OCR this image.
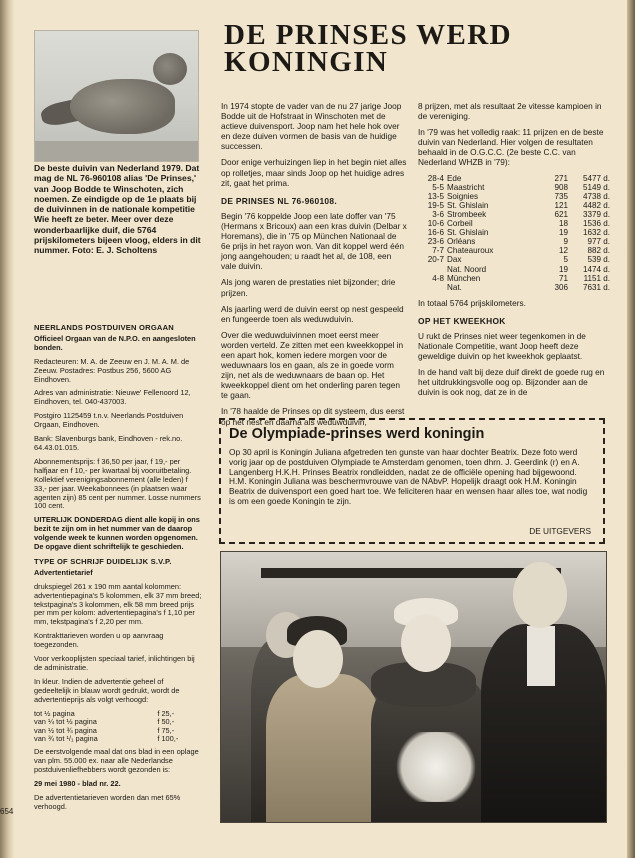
De beste duivin van Nederland 1979. Dat mag de NL 76-960108 alias 'De Prinses,' van Joop Bodde te Winschoten, zich noemen. Ze eindigde op de 1e plaats bij de duivinnen in de nationale kompetitie Wie heeft ze beter. Meer over deze wonderbaarlijke duif, die 5764 prijskilometers bijeen vloog, elders in dit nummer. Foto: E. J. Scholtens

NEERLANDS POSTDUIVEN ORGAAN

Officieel Orgaan van de N.P.O. en aangesloten bonden.

Redacteuren: M. A. de Zeeuw en J. M. A. M. de Zeeuw. Postadres: Postbus 256, 5600 AG Eindhoven.

Adres van administratie: Nieuwe' Fellenoord 12, Eindhoven, tel. 040-437003.

Postgiro 1125459 t.n.v. Neerlands Postduiven Orgaan, Eindhoven.

Bank: Slavenburgs bank, Eindhoven - rek.no. 64.43.01.015.

Abonnementsprijs: f 36,50 per jaar, f 19,- per halfjaar en f 10,- per kwartaal bij vooruitbetaling. Kollektief verenigingsabonnement (alle leden) f 33,- per jaar. Weekabonnees (in plaatsen waar agenten zijn) 85 cent per nummer. Losse nummers 100 cent.

UITERLIJK DONDERDAG dient alle kopij in ons bezit te zijn om in het nummer van de daarop volgende week te kunnen worden opgenomen. De opgave dient schriftelijk te geschieden.

TYPE OF SCHRIJF DUIDELIJK S.V.P.

Advertentietarief

drukspiegel 261 x 190 mm aantal kolommen: advertentiepagina's 5 kolommen, elk 37 mm breed; tekstpagina's 3 kolommen, elk 58 mm breed prijs per mm per kolom: advertentiepagina's f 1,10 per mm, tekstpagina's f 2,20 per mm.

Kontrakttarieven worden u op aanvraag toegezonden.

Voor verkooplijsten speciaal tarief, inlichtingen bij de administratie.

In kleur. Indien de advertentie geheel of gedeeltelijk in blauw wordt gedrukt, wordt de advertentieprijs als volgt verhoogd:

tot ½ pagina	f 25,-
van ¼ tot ½ pagina	f 50,-
van ½ tot ¾ pagina	f 75,-
van ¾ tot ¹/₁ pagina	f 100,-

De eerstvolgende maal dat ons blad in een oplage van plm. 55.000 ex. naar alle Nederlandse postduivenliefhebbers wordt gezonden is:

29 mei 1980 - blad nr. 22.

De advertentietarieven worden dan met 65% verhoogd.

654
DE PRINSES WERD
KONINGIN

In 1974 stopte de vader van de nu 27 jarige Joop Bodde uit de Hofstraat in Winschoten met de actieve duivensport. Joop nam het hele hok over en deze duiven vormen de basis van de huidige successen.

Door enige verhuizingen liep in het begin niet alles op rolletjes, maar sinds Joop op het huidige adres zit, gaat het prima.

DE PRINSES NL 76-960108.

Begin '76 koppelde Joop een late doffer van '75 (Hermans x Bricoux) aan een kras duivin (Delbar x Horemans), die in '75 op München Nationaal de 6e prijs in het rayon won. Van dit koppel werd één jong aangehouden; u raadt het al, de 108, een vale duivin.

Als jong waren de prestaties niet bijzonder; drie prijzen.

Als jaarling werd de duivin eerst op nest gespeeld en fungeerde toen als weduwduivin.

Over die weduwduivinnen moet eerst meer worden verteld. Ze zitten met een kweekkoppel in een apart hok, komen iedere morgen voor de weduwnaars los en gaan, als ze in goede vorm zijn, net als de weduwnaars de baan op. Het kweekkoppel dient om het onderling paren tegen te gaan.

In '78 haalde de Prinses op dit systeem, dus eerst op het nest en daarna als weduwduivin,

8 prijzen, met als resultaat 2e vitesse kampioen in de vereniging.

In '79 was het volledig raak: 11 prijzen en de beste duivin van Nederland. Hier volgen de resultaten behaald in de O.G.C.C. (2e beste C.C. van Nederland WHZB in '79):

28-4	Ede	271	5477 d.
5-5	Maastricht	908	5149 d.
13-5	Soignies	735	4738 d.
19-5	St. Ghislain	121	4482 d.
3-6	Strombeek	621	3379 d.
10-6	Corbeil	18	1536 d.
16-6	St. Ghislain	19	1632 d.
23-6	Orléans	9	977 d.
7-7	Chateauroux	12	882 d.
20-7	Dax	5	539 d.
	Nat. Noord	19	1474 d.
4-8	München	71	1151 d.
	Nat.	306	7631 d.

In totaal 5764 prijskilometers.

OP HET KWEEKHOK

U rukt de Prinses niet weer tegenkomen in de Nationale Competitie, want Joop heeft deze geweldige duivin op het kweekhok geplaatst.

In de hand valt bij deze duif direkt de goede rug en het uitdrukkingsvolle oog op. Bijzonder aan de duivin is ook nog, dat ze in de

De Olympiade-prinses werd koningin

Op 30 april is Koningin Juliana afgetreden ten gunste van haar dochter Beatrix. Deze foto werd vorig jaar op de postduiven Olympiade te Amsterdam genomen, toen dhrn. J. Geerdink (r) en A. Langenberg H.K.H. Prinses Beatrix rondleidden, nadat ze de officiële opening had bijgewoond. H.M. Koningin Juliana was beschermvrouwe van de NAbvP. Hopelijk draagt ook H.M. Koningin Beatrix de duivensport een goed hart toe. We feliciteren haar en wensen haar alles toe, wat nodig is om een goede Koningin te zijn.

DE UITGEVERS
